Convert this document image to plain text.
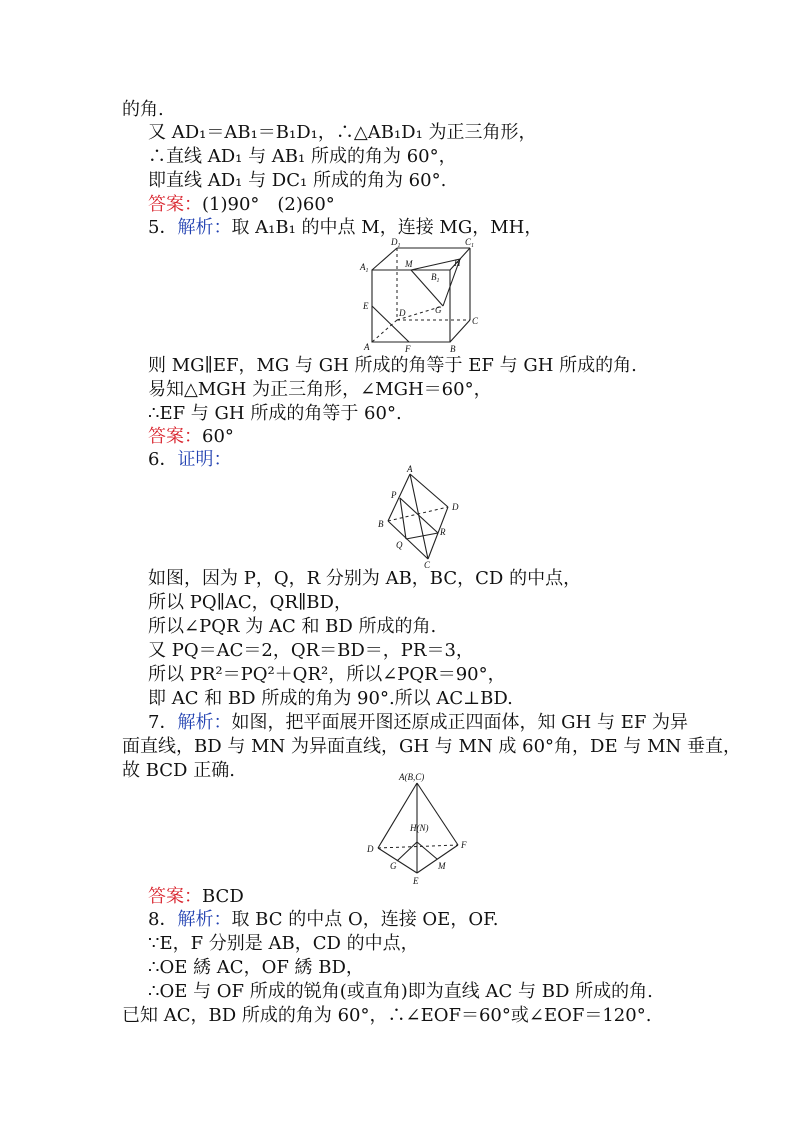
的角.
又 AD₁＝AB₁＝B₁D₁，∴△AB₁D₁ 为正三角形，
∴直线 AD₁ 与 AB₁ 所成的角为 60°，
即直线 AD₁ 与 DC₁ 所成的角为 60°.
答案：(1)90°　(2)60°
5．解析：取 A₁B₁ 的中点 M，连接 MG，MH，
$D_1$	$C_1$
$A_1$
M
$B_1$
H
E
D	G
C
A	F	B
则 MG∥EF，MG 与 GH 所成的角等于 EF 与 GH 所成的角.
易知△MGH 为正三角形，∠MGH＝60°，
∴EF 与 GH 所成的角等于 60°.
答案：60°
6．证明：	A
P
D
B
R
Q
C
如图，因为 P，Q，R 分别为 AB，BC，CD 的中点，
所以 PQ∥AC，QR∥BD，
所以∠PQR 为 AC 和 BD 所成的角.
又 PQ＝AC＝2，QR＝BD＝，PR＝3，
所以 PR²＝PQ²＋QR²，所以∠PQR＝90°，
即 AC 和 BD 所成的角为 90°.所以 AC⊥BD.
7．解析：如图，把平面展开图还原成正四面体，知 GH 与 EF 为异
面直线，BD 与 MN 为异面直线，GH 与 MN 成 60°角，DE 与 MN 垂直，
故 BCD 正确.	A(B,C)
H(N)
D	F
G	M
E
答案：BCD
8．解析：取 BC 的中点 O，连接 OE，OF.
∵E，F 分别是 AB，CD 的中点，
∴OE 綉 AC，OF 綉 BD，
∴OE 与 OF 所成的锐角(或直角)即为直线 AC 与 BD 所成的角.
已知 AC，BD 所成的角为 60°，∴∠EOF＝60°或∠EOF＝120°.
